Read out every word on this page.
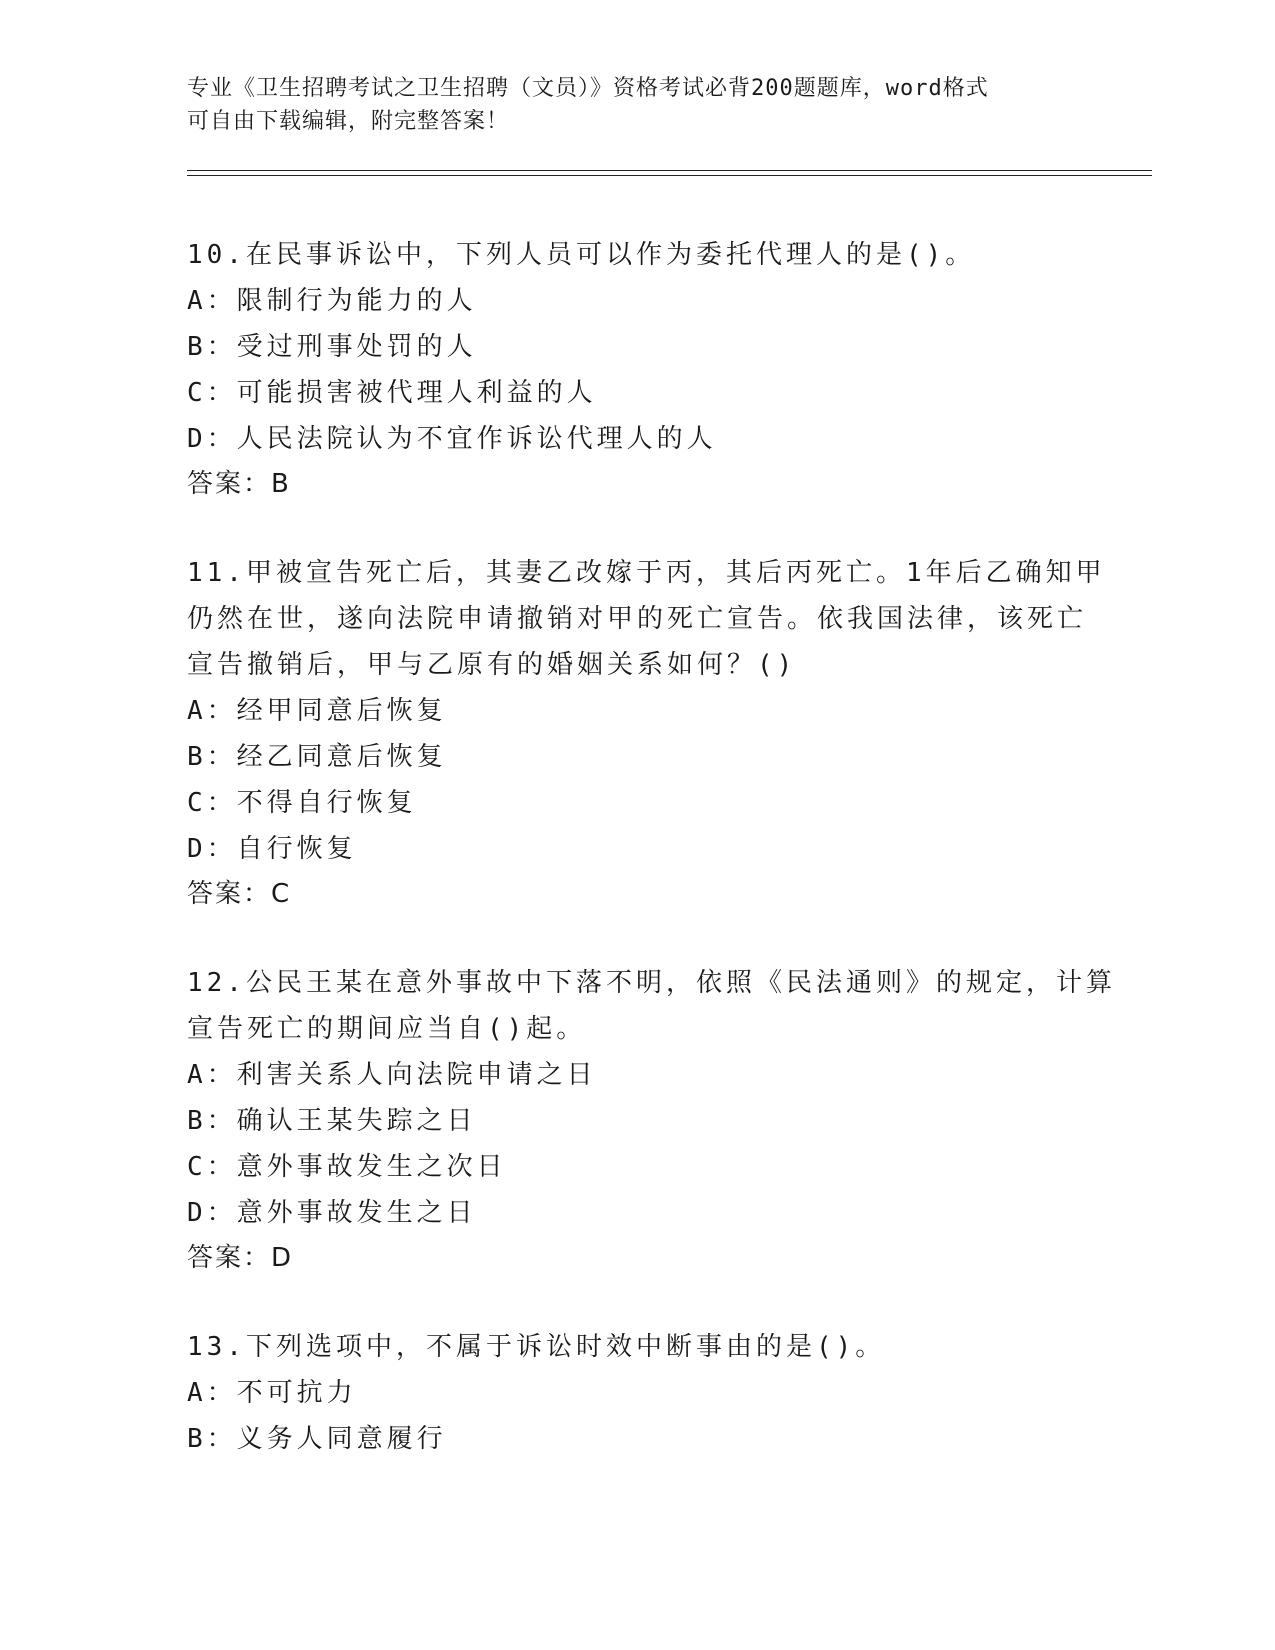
专业《卫生招聘考试之卫生招聘（文员）》资格考试必背200题题库，word格式
可自由下载编辑，附完整答案！
10.在民事诉讼中，下列人员可以作为委托代理人的是()。
A：限制行为能力的人
B：受过刑事处罚的人
C：可能损害被代理人利益的人
D：人民法院认为不宜作诉讼代理人的人
答案：B
11.甲被宣告死亡后，其妻乙改嫁于丙，其后丙死亡。1年后乙确知甲
仍然在世，遂向法院申请撤销对甲的死亡宣告。依我国法律，该死亡
宣告撤销后，甲与乙原有的婚姻关系如何？()
A：经甲同意后恢复
B：经乙同意后恢复
C：不得自行恢复
D：自行恢复
答案：C
12.公民王某在意外事故中下落不明，依照《民法通则》的规定，计算
宣告死亡的期间应当自()起。
A：利害关系人向法院申请之日
B：确认王某失踪之日
C：意外事故发生之次日
D：意外事故发生之日
答案：D
13.下列选项中，不属于诉讼时效中断事由的是()。
A：不可抗力
B：义务人同意履行
